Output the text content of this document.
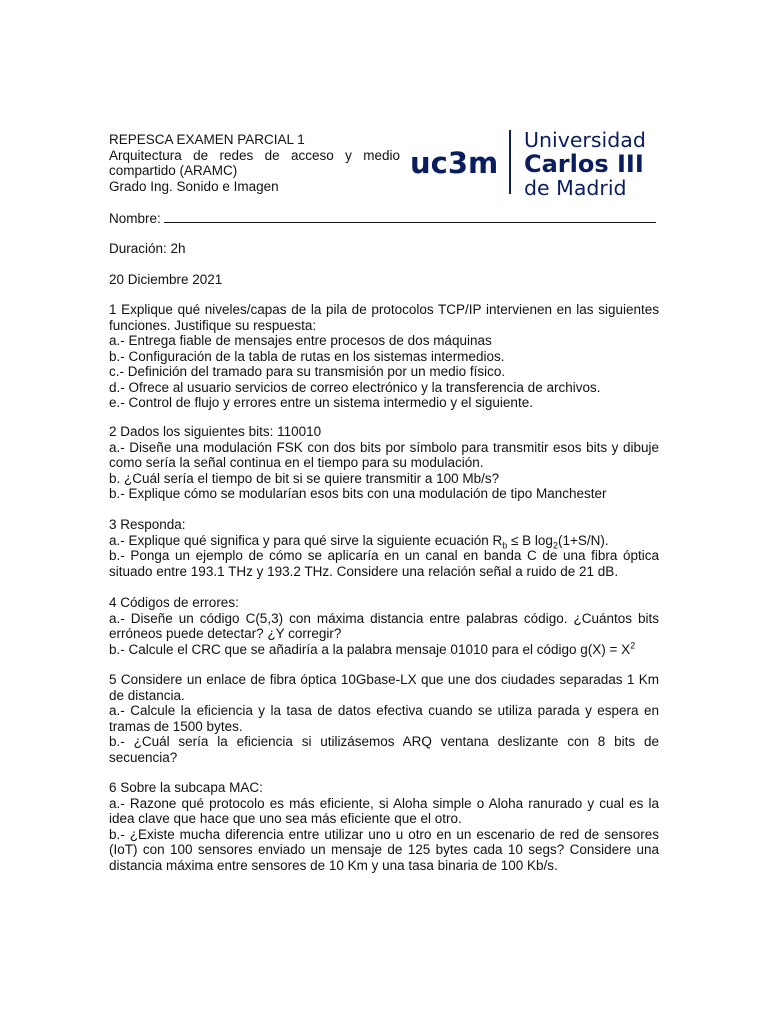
REPESCA EXAMEN PARCIAL 1
Arquitectura de redes de acceso y medio compartido (ARAMC)
Grado Ing. Sonido e Imagen
uc3m
Universidad
Carlos III
de Madrid
Nombre:
Duración: 2h
20 Diciembre 2021
1 Explique qué niveles/capas de la pila de protocolos TCP/IP intervienen en las siguientes funciones. Justifique su respuesta:
a.- Entrega fiable de mensajes entre procesos de dos máquinas
b.- Configuración de la tabla de rutas en los sistemas intermedios.
c.- Definición del tramado para su transmisión por un medio físico.
d.- Ofrece al usuario servicios de correo electrónico y la transferencia de archivos.
e.- Control de flujo y errores entre un sistema intermedio y el siguiente.
2 Dados los siguientes bits: 110010
a.- Diseñe una modulación FSK con dos bits por símbolo para transmitir esos bits y dibuje como sería la señal continua en el tiempo para su modulación.
b. ¿Cuál sería el tiempo de bit si se quiere transmitir a 100 Mb/s?
b.- Explique cómo se modularían esos bits con una modulación de tipo Manchester
3 Responda:
a.- Explique qué significa y para qué sirve la siguiente ecuación $R_b \le B$ $\log_2(1+S/N)$.
b.- Ponga un ejemplo de cómo se aplicaría en un canal en banda C de una fibra óptica situado entre 193.1 THz y 193.2 THz. Considere una relación señal a ruido de 21 dB.
4 Códigos de errores:
a.- Diseñe un código C(5,3) con máxima distancia entre palabras código. ¿Cuántos bits erróneos puede detectar? ¿Y corregir?
b.- Calcule el CRC que se añadiría a la palabra mensaje 01010 para el código $g(X) = X^2$
5 Considere un enlace de fibra óptica 10Gbase-LX que une dos ciudades separadas 1 Km de distancia.
a.- Calcule la eficiencia y la tasa de datos efectiva cuando se utiliza parada y espera en tramas de 1500 bytes.
b.- ¿Cuál sería la eficiencia si utilizásemos ARQ ventana deslizante con 8 bits de secuencia?
6 Sobre la subcapa MAC:
a.- Razone qué protocolo es más eficiente, si Aloha simple o Aloha ranurado y cual es la idea clave que hace que uno sea más eficiente que el otro.
b.- ¿Existe mucha diferencia entre utilizar uno u otro en un escenario de red de sensores (IoT) con 100 sensores enviado un mensaje de 125 bytes cada 10 segs? Considere una distancia máxima entre sensores de 10 Km y una tasa binaria de 100 Kb/s.
